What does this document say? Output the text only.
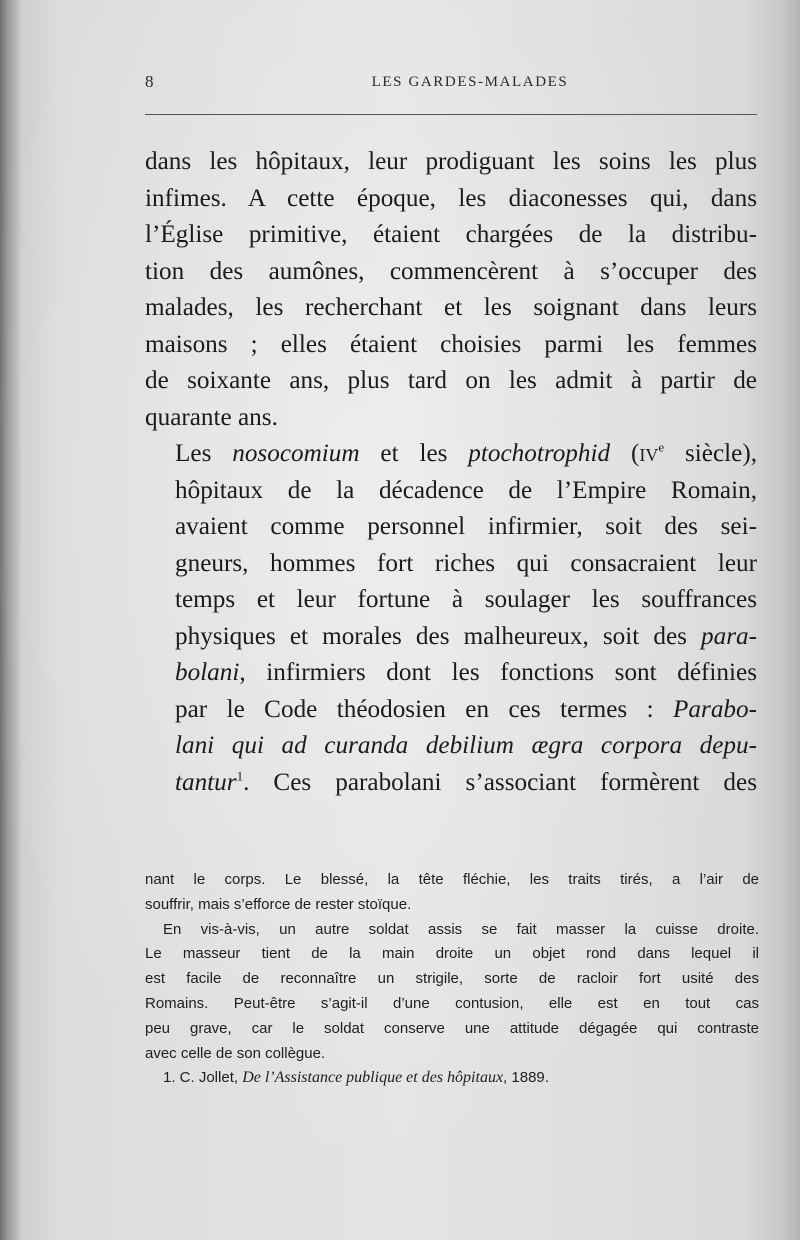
8	LES GARDES-MALADES

dans les hôpitaux, leur prodiguant les soins les plus
infimes. A cette époque, les diaconesses qui, dans
l’Église primitive, étaient chargées de la distribu-
tion des aumônes, commencèrent à s’occuper des
malades, les recherchant et les soignant dans leurs
maisons ; elles étaient choisies parmi les femmes
de soixante ans, plus tard on les admit à partir de
quarante ans.

Les nosocomium et les ptochotrophid ($iv^e$ siècle),
hôpitaux de la décadence de l’Empire Romain,
avaient comme personnel infirmier, soit des sei-
gneurs, hommes fort riches qui consacraient leur
temps et leur fortune à soulager les souffrances
physiques et morales des malheureux, soit des para-
bolani, infirmiers dont les fonctions sont définies
par le Code théodosien en ces termes : Parabo-
lani qui ad curanda debilium ægra corpora depu-
tantur$^1$. Ces parabolani s’associant formèrent des

nant le corps. Le blessé, la tête fléchie, les traits tirés, a l’air de
souffrir, mais s’efforce de rester stoïque.
En vis-à-vis, un autre soldat assis se fait masser la cuisse droite.
Le masseur tient de la main droite un objet rond dans lequel il
est facile de reconnaître un strigile, sorte de racloir fort usité des
Romains. Peut-être s’agit-il d’une contusion, elle est en tout cas
peu grave, car le soldat conserve une attitude dégagée qui contraste
avec celle de son collègue.
1. C. Jollet, De l’Assistance publique et des hôpitaux, 1889.
